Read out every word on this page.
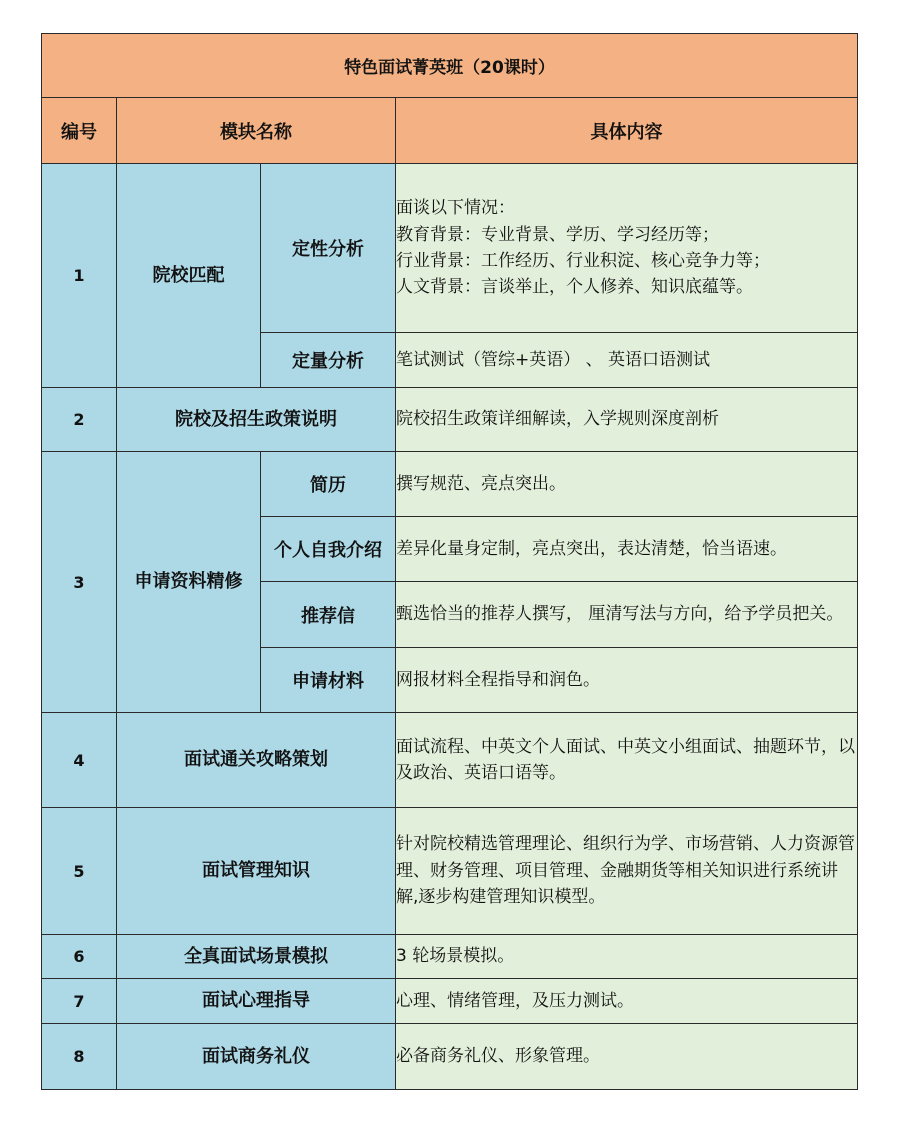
特色面试菁英班（20课时）			
编号	模块名称		具体内容
1	院校匹配	定性分析	面谈以下情况：
教育背景：专业背景、学历、学习经历等；
行业背景：工作经历、行业积淀、核心竞争力等；
人文背景：言谈举止，个人修养、知识底蕴等。

		定量分析	笔试测试（管综+英语） 、 英语口语测试

2	院校及招生政策说明		院校招生政策详细解读，入学规则深度剖析
3	申请资料精修	简历	撰写规范、亮点突出。

		个人自我介绍	差异化量身定制，亮点突出，表达清楚，恰当语速。

		推荐信	甄选恰当的推荐人撰写， 厘清写法与方向，给予学员把关。

		申请材料	网报材料全程指导和润色。

4	面试通关攻略策划		面试流程、中英文个人面试、中英文小组面试、抽题环节，以及政治、英语口语等。
5	面试管理知识		针对院校精选管理理论、组织行为学、市场营销、人力资源管理、财务管理、项目管理、金融期货等相关知识进行系统讲解,逐步构建管理知识模型。
6	全真面试场景模拟		3 轮场景模拟。
7	面试心理指导		心理、情绪管理，及压力测试。
8	面试商务礼仪		必备商务礼仪、形象管理。
